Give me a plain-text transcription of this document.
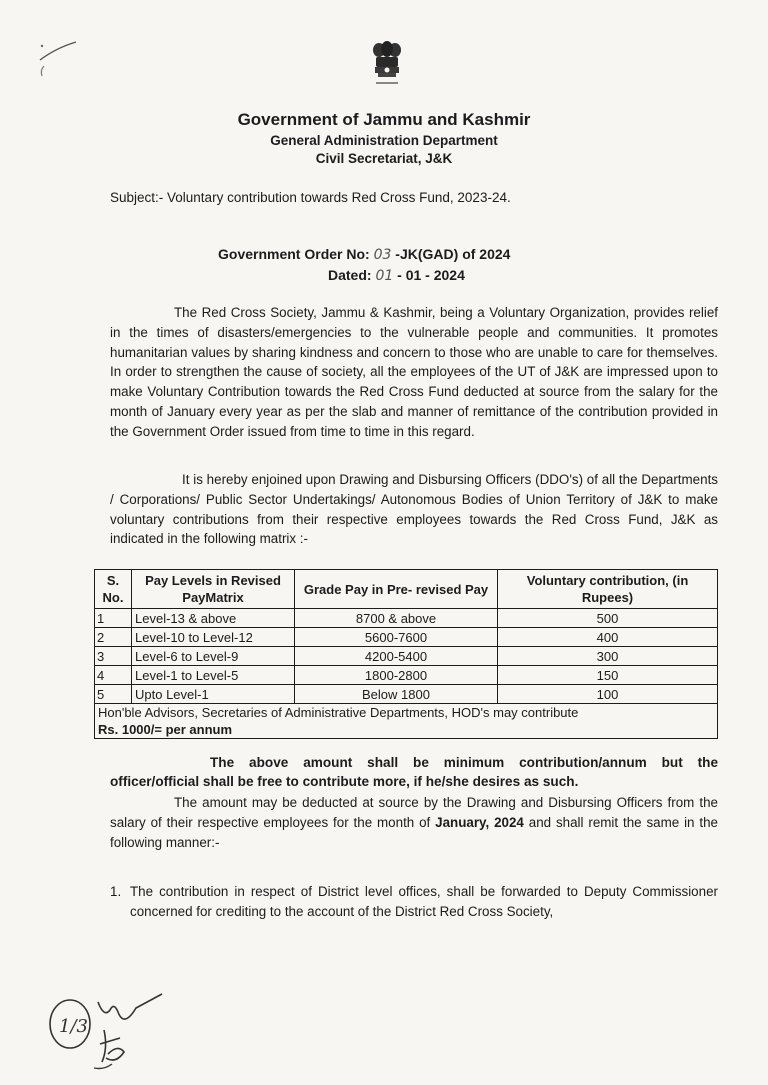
Government of Jammu and Kashmir
General Administration Department
Civil Secretariat, J&K
Subject:- Voluntary contribution towards Red Cross Fund, 2023-24.
Government Order No: 03 -JK(GAD) of 2024
Dated: 01 - 01 - 2024
The Red Cross Society, Jammu & Kashmir, being a Voluntary Organization, provides relief in the times of disasters/emergencies to the vulnerable people and communities. It promotes humanitarian values by sharing kindness and concern to those who are unable to care for themselves. In order to strengthen the cause of society, all the employees of the UT of J&K are impressed upon to make Voluntary Contribution towards the Red Cross Fund deducted at source from the salary for the month of January every year as per the slab and manner of remittance of the contribution provided in the Government Order issued from time to time in this regard.
It is hereby enjoined upon Drawing and Disbursing Officers (DDO's) of all the Departments / Corporations/ Public Sector Undertakings/ Autonomous Bodies of Union Territory of J&K to make voluntary contributions from their respective employees towards the Red Cross Fund, J&K as indicated in the following matrix :-
S. No.	Pay Levels in Revised PayMatrix	Grade Pay in Pre- revised Pay	Voluntary contribution, (in Rupees)
1	Level-13 & above	8700 & above	500
2	Level-10 to Level-12	5600-7600	400
3	Level-6 to Level-9	4200-5400	300
4	Level-1 to Level-5	1800-2800	150
5	Upto Level-1	Below 1800	100

Hon'ble Advisors, Secretaries of Administrative Departments, HOD's may contribute
Rs. 1000/= per annum			
The above amount shall be minimum contribution/annum but the officer/official shall be free to contribute more, if he/she desires as such.
The amount may be deducted at source by the Drawing and Disbursing Officers from the salary of their respective employees for the month of January, 2024 and shall remit the same in the following manner:-
1. The contribution in respect of District level offices, shall be forwarded to Deputy Commissioner concerned for crediting to the account of the District Red Cross Society,
1/3
